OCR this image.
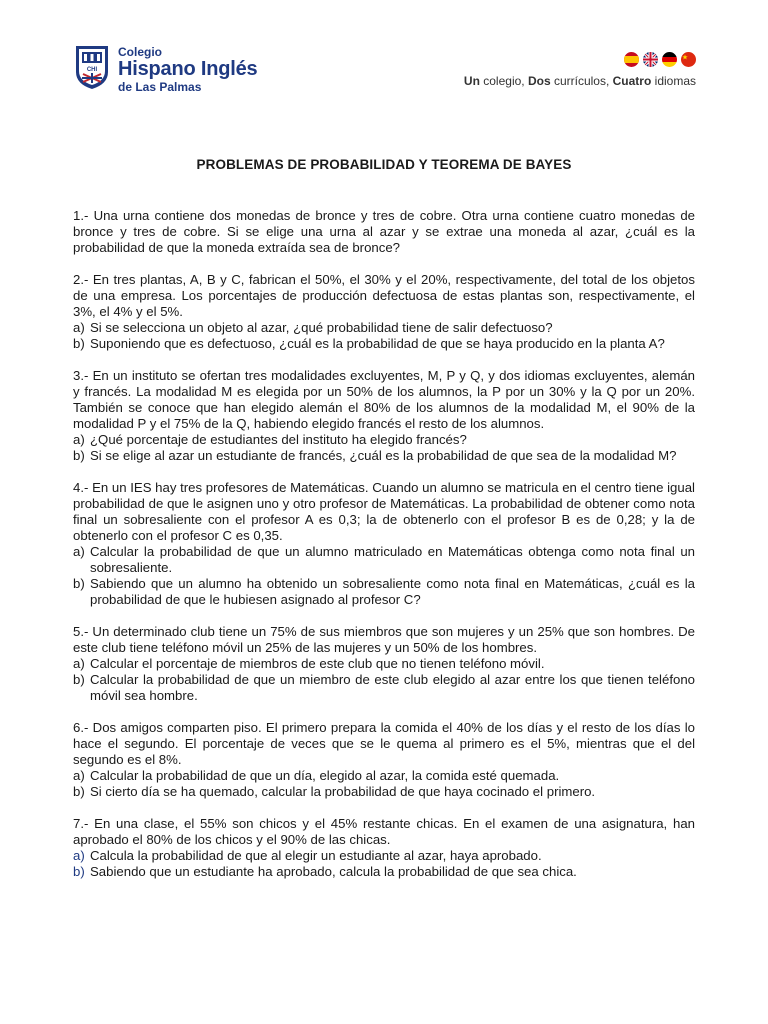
CHI
Colegio
Hispano Inglés
de Las Palmas	Un colegio, Dos currículos, Cuatro idiomas
PROBLEMAS DE PROBABILIDAD Y TEOREMA DE BAYES

1.- Una urna contiene dos monedas de bronce y tres de cobre. Otra urna contiene cuatro monedas de bronce y tres de cobre. Si se elige una urna al azar y se extrae una moneda al azar, ¿cuál es la probabilidad de que la moneda extraída sea de bronce?

2.- En tres plantas, A, B y C, fabrican el 50%, el 30% y el 20%, respectivamente, del total de los objetos de una empresa. Los porcentajes de producción defectuosa de estas plantas son, respectivamente, el 3%, el 4% y el 5%.

a) Si se selecciona un objeto al azar, ¿qué probabilidad tiene de salir defectuoso?
b) Suponiendo que es defectuoso, ¿cuál es la probabilidad de que se haya producido en la planta A?

3.- En un instituto se ofertan tres modalidades excluyentes, M, P y Q, y dos idiomas excluyentes, alemán y francés. La modalidad M es elegida por un 50% de los alumnos, la P por un 30% y la Q por un 20%. También se conoce que han elegido alemán el 80% de los alumnos de la modalidad M, el 90% de la modalidad P y el 75% de la Q, habiendo elegido francés el resto de los alumnos.

a) ¿Qué porcentaje de estudiantes del instituto ha elegido francés?
b) Si se elige al azar un estudiante de francés, ¿cuál es la probabilidad de que sea de la modalidad M?

4.- En un IES hay tres profesores de Matemáticas. Cuando un alumno se matricula en el centro tiene igual probabilidad de que le asignen uno y otro profesor de Matemáticas. La probabilidad de obtener como nota final un sobresaliente con el profesor A es 0,3; la de obtenerlo con el profesor B es de 0,28; y la de obtenerlo con el profesor C es 0,35.

a) Calcular la probabilidad de que un alumno matriculado en Matemáticas obtenga como nota final un sobresaliente.
b) Sabiendo que un alumno ha obtenido un sobresaliente como nota final en Matemáticas, ¿cuál es la probabilidad de que le hubiesen asignado al profesor C?

5.- Un determinado club tiene un 75% de sus miembros que son mujeres y un 25% que son hombres. De este club tiene teléfono móvil un 25% de las mujeres y un 50% de los hombres.

a) Calcular el porcentaje de miembros de este club que no tienen teléfono móvil.
b) Calcular la probabilidad de que un miembro de este club elegido al azar entre los que tienen teléfono móvil sea hombre.

6.- Dos amigos comparten piso. El primero prepara la comida el 40% de los días y el resto de los días lo hace el segundo. El porcentaje de veces que se le quema al primero es el 5%, mientras que el del segundo es el 8%.

a) Calcular la probabilidad de que un día, elegido al azar, la comida esté quemada.
b) Si cierto día se ha quemado, calcular la probabilidad de que haya cocinado el primero.

7.- En una clase, el 55% son chicos y el 45% restante chicas. En el examen de una asignatura, han aprobado el 80% de los chicos y el 90% de las chicas.

a) Calcula la probabilidad de que al elegir un estudiante al azar, haya aprobado.
b) Sabiendo que un estudiante ha aprobado, calcula la probabilidad de que sea chica.
